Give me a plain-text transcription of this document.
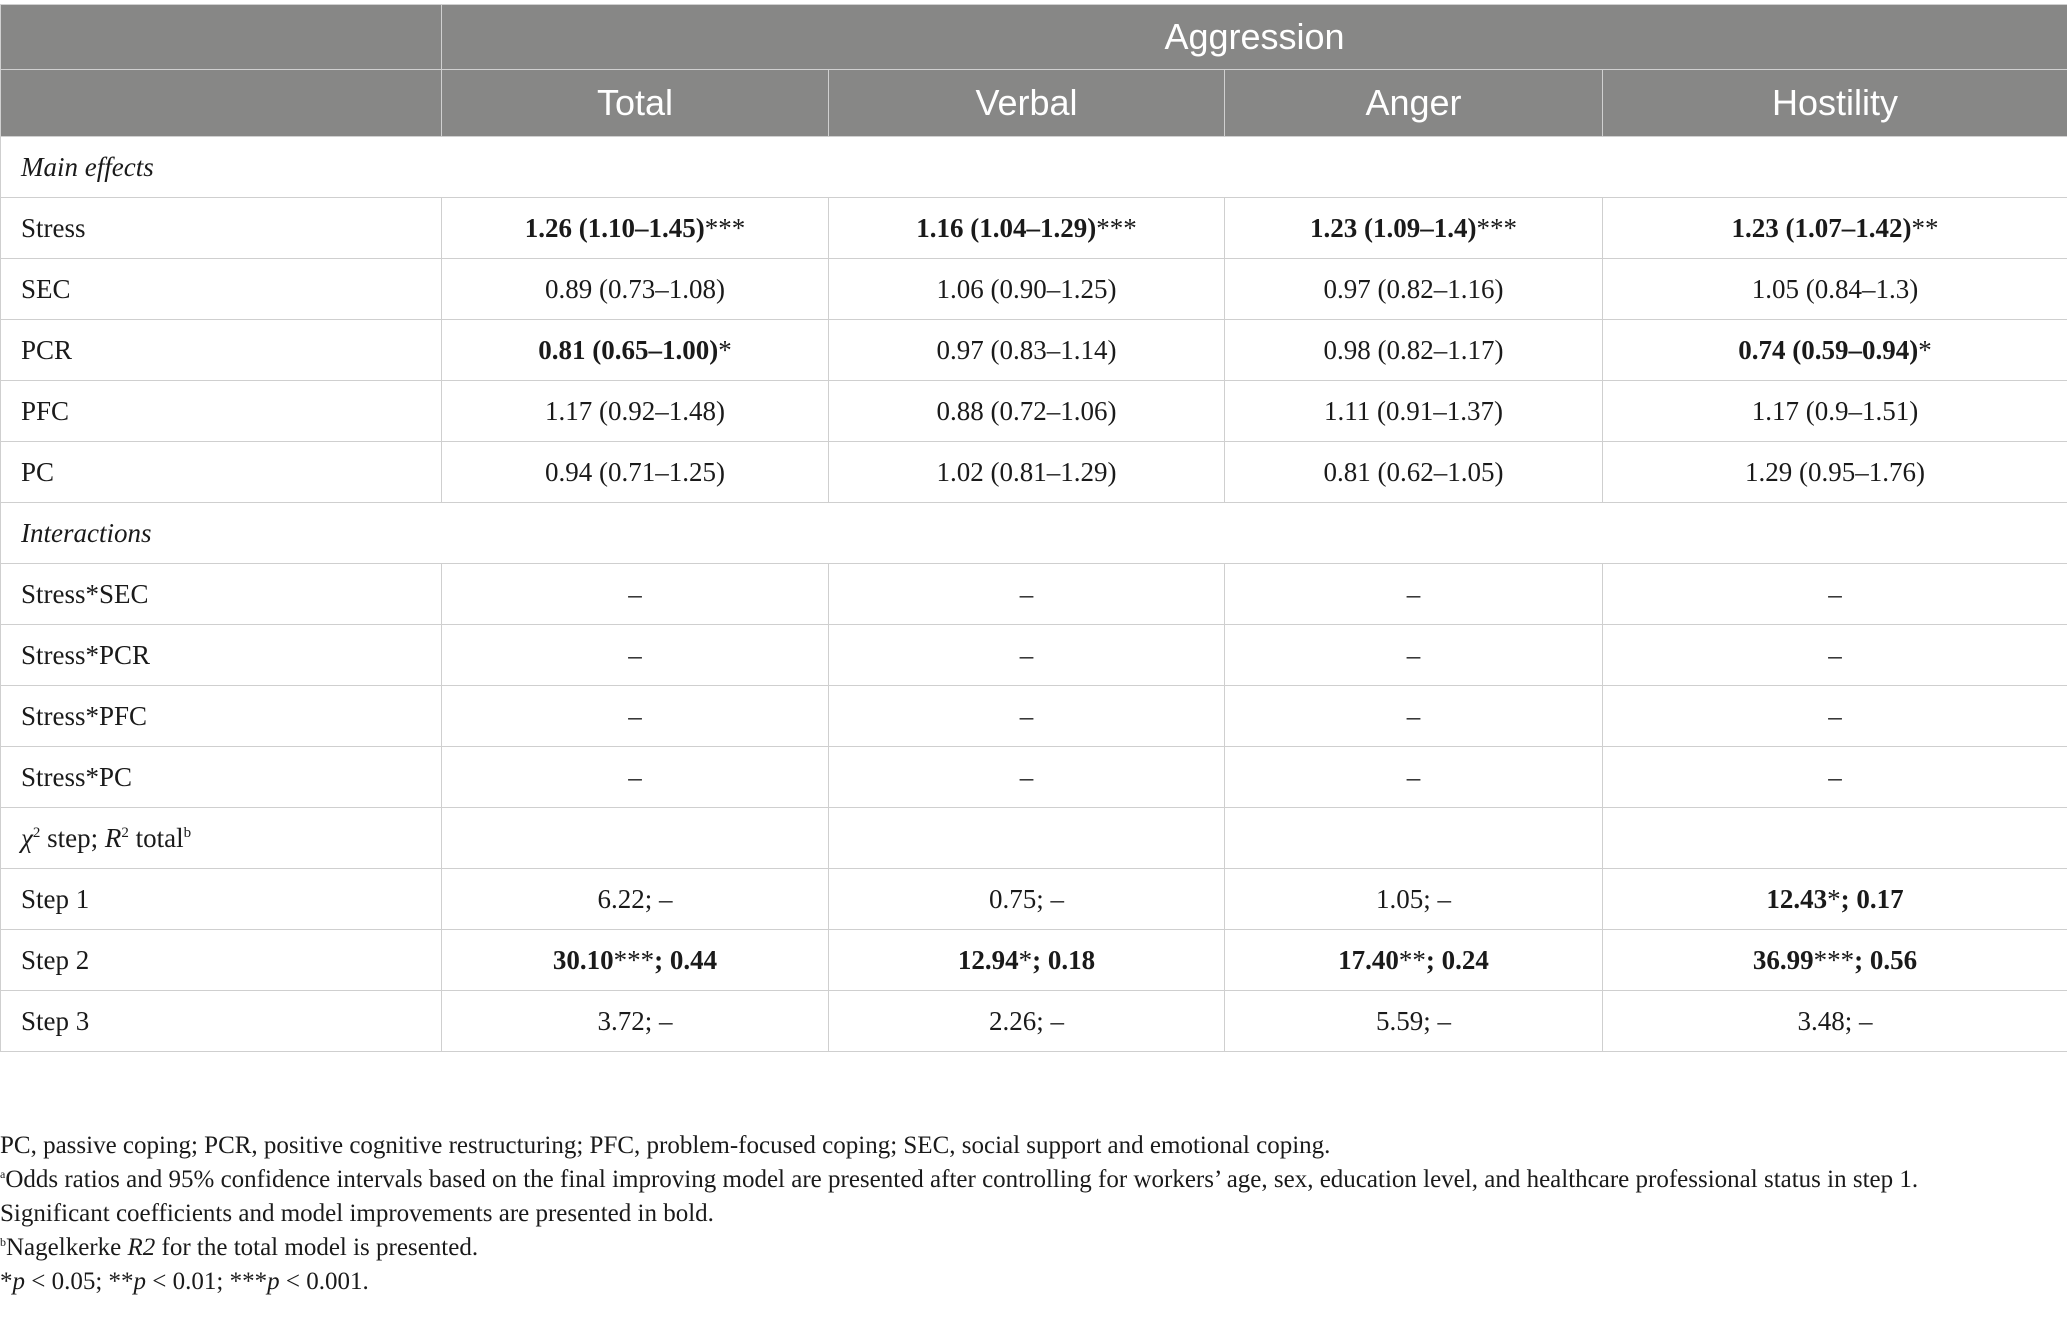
	Aggression			
	Total	Verbal	Anger	Hostility
Main effects				
Stress	1.26 (1.10–1.45)***	1.16 (1.04–1.29)***	1.23 (1.09–1.4)***	1.23 (1.07–1.42)**
SEC	0.89 (0.73–1.08)	1.06 (0.90–1.25)	0.97 (0.82–1.16)	1.05 (0.84–1.3)
PCR	0.81 (0.65–1.00)*	0.97 (0.83–1.14)	0.98 (0.82–1.17)	0.74 (0.59–0.94)*
PFC	1.17 (0.92–1.48)	0.88 (0.72–1.06)	1.11 (0.91–1.37)	1.17 (0.9–1.51)
PC	0.94 (0.71–1.25)	1.02 (0.81–1.29)	0.81 (0.62–1.05)	1.29 (0.95–1.76)
Interactions				
Stress*SEC	–	–	–	–
Stress*PCR	–	–	–	–
Stress*PFC	–	–	–	–
Stress*PC	–	–	–	–
$\chi^2$ step; $R^2$ total$^b$				
Step 1	6.22; –	0.75; –	1.05; –	12.43*; 0.17
Step 2	30.10***; 0.44	12.94*; 0.18	17.40**; 0.24	36.99***; 0.56
Step 3	3.72; –	2.26; –	5.59; –	3.48; –

PC, passive coping; PCR, positive cognitive restructuring; PFC, problem-focused coping; SEC, social support and emotional coping.

$^a$Odds ratios and 95% confidence intervals based on the final improving model are presented after controlling for workers’ age, sex, education level, and healthcare professional status in step 1.

Significant coefficients and model improvements are presented in bold.

$^b$Nagelkerke R2 for the total model is presented.

*p < 0.05; **p < 0.01; ***p < 0.001.
